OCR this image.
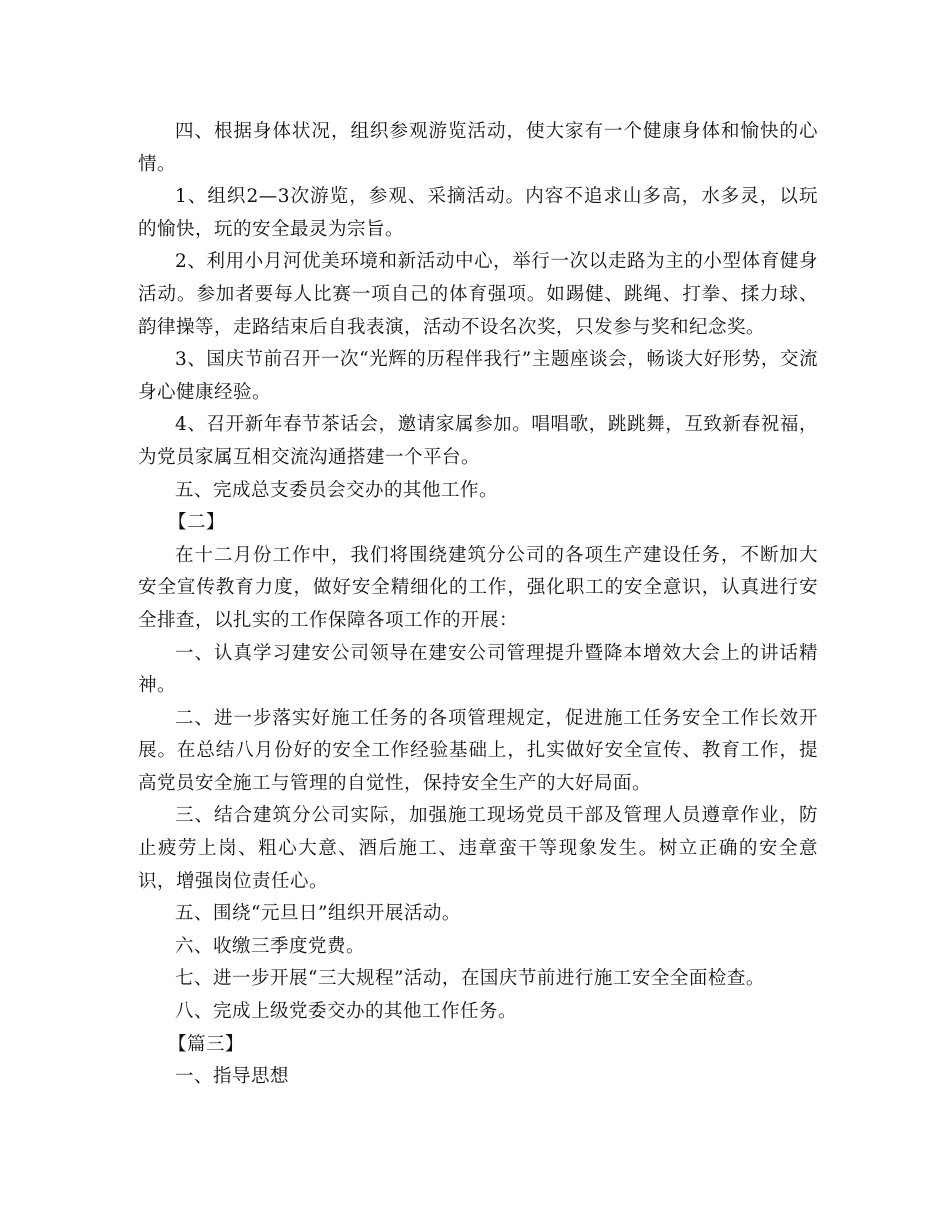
四、根据身体状况，组织参观游览活动，使大家有一个健康身体和愉快的心情。

1、组织2—3次游览，参观、采摘活动。内容不追求山多高，水多灵，以玩的愉快，玩的安全最灵为宗旨。

2、利用小月河优美环境和新活动中心，举行一次以走路为主的小型体育健身活动。参加者要每人比赛一项自己的体育强项。如踢健、跳绳、打拳、揉力球、韵律操等，走路结束后自我表演，活动不设名次奖，只发参与奖和纪念奖。

3、国庆节前召开一次“光辉的历程伴我行”主题座谈会，畅谈大好形势，交流身心健康经验。

4、召开新年春节茶话会，邀请家属参加。唱唱歌，跳跳舞，互致新春祝福，为党员家属互相交流沟通搭建一个平台。

五、完成总支委员会交办的其他工作。

【二】

在十二月份工作中，我们将围绕建筑分公司的各项生产建设任务，不断加大安全宣传教育力度，做好安全精细化的工作，强化职工的安全意识，认真进行安全排查，以扎实的工作保障各项工作的开展：

一、认真学习建安公司领导在建安公司管理提升暨降本增效大会上的讲话精神。

二、进一步落实好施工任务的各项管理规定，促进施工任务安全工作长效开展。在总结八月份好的安全工作经验基础上，扎实做好安全宣传、教育工作，提高党员安全施工与管理的自觉性，保持安全生产的大好局面。

三、结合建筑分公司实际，加强施工现场党员干部及管理人员遵章作业，防止疲劳上岗、粗心大意、酒后施工、违章蛮干等现象发生。树立正确的安全意识，增强岗位责任心。

五、围绕“元旦日”组织开展活动。

六、收缴三季度党费。

七、进一步开展“三大规程”活动，在国庆节前进行施工安全全面检查。

八、完成上级党委交办的其他工作任务。

【篇三】

一、指导思想
